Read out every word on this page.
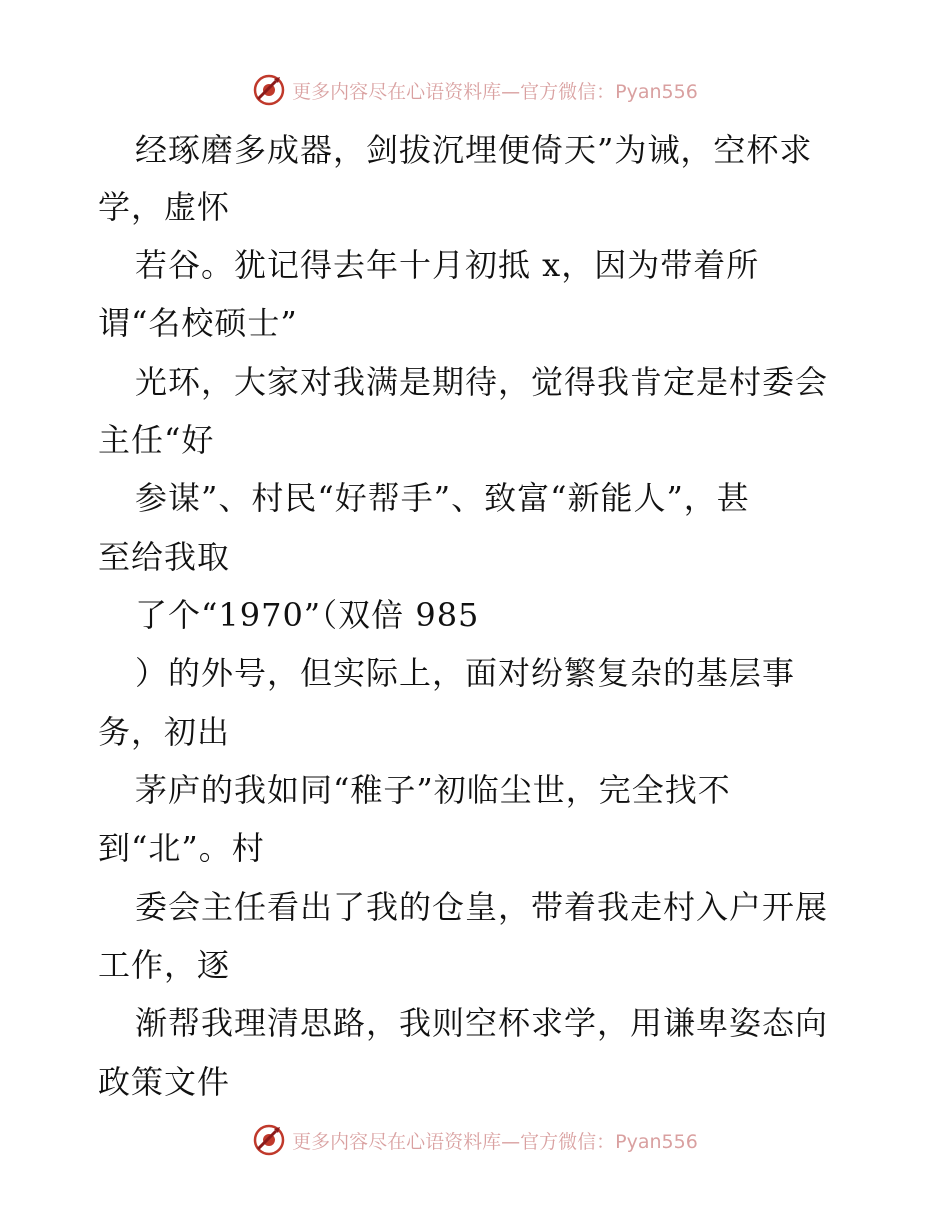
更多内容尽在心语资料库—官方微信：Pyan556
经琢磨多成器，剑拔沉埋便倚天”为诫，空杯求
学，虚怀
若谷。犹记得去年十月初抵 x，因为带着所
谓“名校硕士”
光环，大家对我满是期待，觉得我肯定是村委会
主任“好
参谋”、村民“好帮手”、致富“新能人”，甚
至给我取
了个“1970”（双倍 985
）的外号，但实际上，面对纷繁复杂的基层事
务，初出
茅庐的我如同“稚子”初临尘世，完全找不
到“北”。村
委会主任看出了我的仓皇，带着我走村入户开展
工作，逐
渐帮我理清思路，我则空杯求学，用谦卑姿态向
政策文件
更多内容尽在心语资料库—官方微信：Pyan556
